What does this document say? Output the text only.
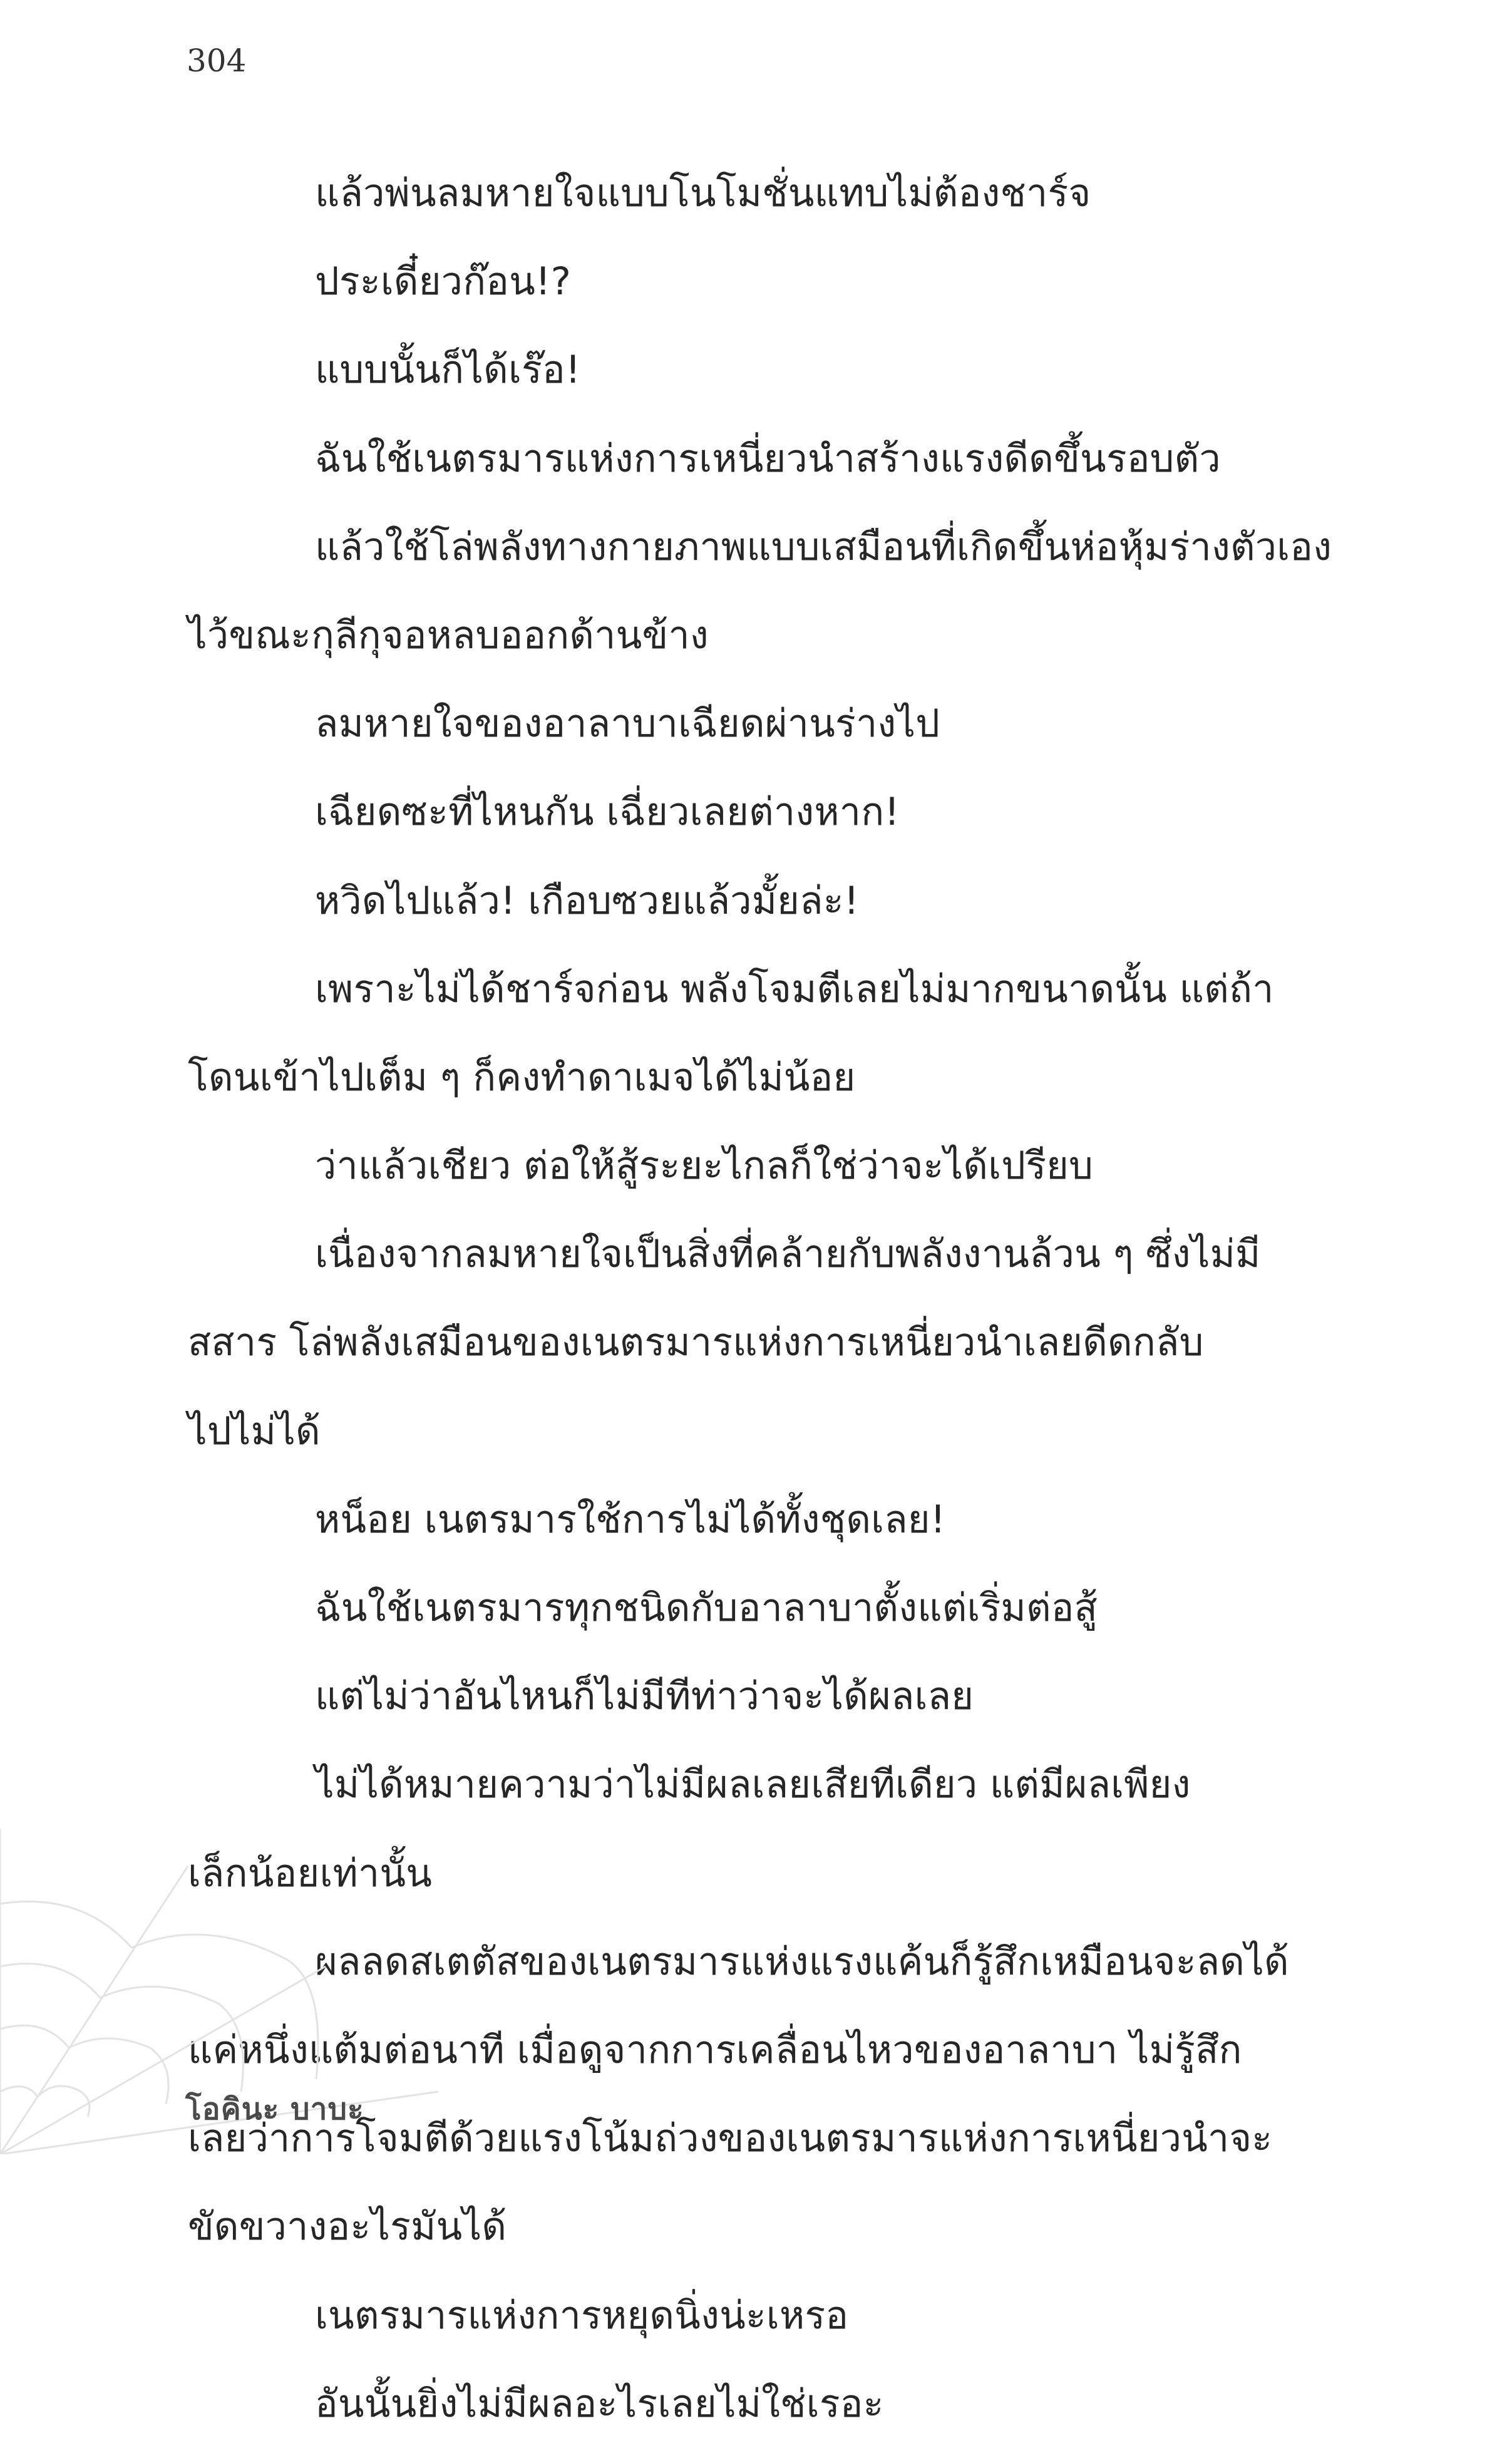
304
แล้วพ่นลมหายใจแบบโนโมชั่นแทบไม่ต้องชาร์จ
ประเดี๋ยวก๊อน!?
แบบนั้นก็ได้เร๊อ!
ฉันใช้เนตรมารแห่งการเหนี่ยวนำสร้างแรงดีดขึ้นรอบตัว
แล้วใช้โล่พลังทางกายภาพแบบเสมือนที่เกิดขึ้นห่อหุ้มร่างตัวเอง
ไว้ขณะกุลีกุจอหลบออกด้านข้าง
ลมหายใจของอาลาบาเฉียดผ่านร่างไป
เฉียดซะที่ไหนกัน เฉี่ยวเลยต่างหาก!
หวิดไปแล้ว! เกือบซวยแล้วมั้ยล่ะ!
เพราะไม่ได้ชาร์จก่อน พลังโจมตีเลยไม่มากขนาดนั้น แต่ถ้า
โดนเข้าไปเต็ม ๆ ก็คงทำดาเมจได้ไม่น้อย
ว่าแล้วเชียว ต่อให้สู้ระยะไกลก็ใช่ว่าจะได้เปรียบ
เนื่องจากลมหายใจเป็นสิ่งที่คล้ายกับพลังงานล้วน ๆ ซึ่งไม่มี
สสาร โล่พลังเสมือนของเนตรมารแห่งการเหนี่ยวนำเลยดีดกลับ
ไปไม่ได้
หน็อย เนตรมารใช้การไม่ได้ทั้งชุดเลย!
ฉันใช้เนตรมารทุกชนิดกับอาลาบาตั้งแต่เริ่มต่อสู้
แต่ไม่ว่าอันไหนก็ไม่มีทีท่าว่าจะได้ผลเลย
ไม่ได้หมายความว่าไม่มีผลเลยเสียทีเดียว แต่มีผลเพียง
เล็กน้อยเท่านั้น
ผลลดสเตตัสของเนตรมารแห่งแรงแค้นก็รู้สึกเหมือนจะลดได้
แค่หนึ่งแต้มต่อนาที เมื่อดูจากการเคลื่อนไหวของอาลาบา ไม่รู้สึก
เลยว่าการโจมตีด้วยแรงโน้มถ่วงของเนตรมารแห่งการเหนี่ยวนำจะ
ขัดขวางอะไรมันได้
เนตรมารแห่งการหยุดนิ่งน่ะเหรอ
อันนั้นยิ่งไม่มีผลอะไรเลยไม่ใช่เรอะ
โอคินะ บาบะ
